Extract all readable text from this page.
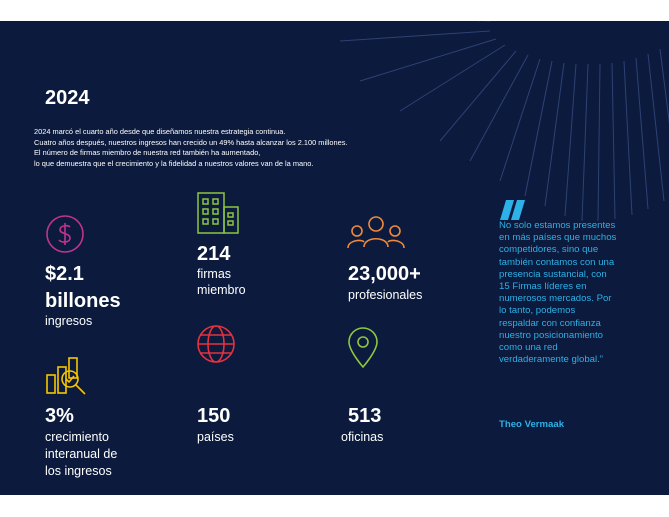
2024
2024 marcó el cuarto año desde que diseñamos nuestra estrategia continua.
Cuatro años después, nuestros ingresos han crecido un 49% hasta alcanzar los 2.100 millones.
El número de firmas miembro de nuestra red también ha aumentado,
lo que demuestra que el crecimiento y la fidelidad a nuestros valores van de la mano.
$2.1
billones
ingresos
214
firmas
miembro
23,000+
profesionales
3%
crecimiento
interanual de
los ingresos
150
países
513
oficinas

No solo estamos presentes en más países que muchos competidores, sino que también contamos con una presencia sustancial, con 15 Firmas líderes en numerosos mercados. Por lo tanto, podemos respaldar con confianza nuestro posicionamiento como una red verdaderamente global.”

Theo Vermaak
